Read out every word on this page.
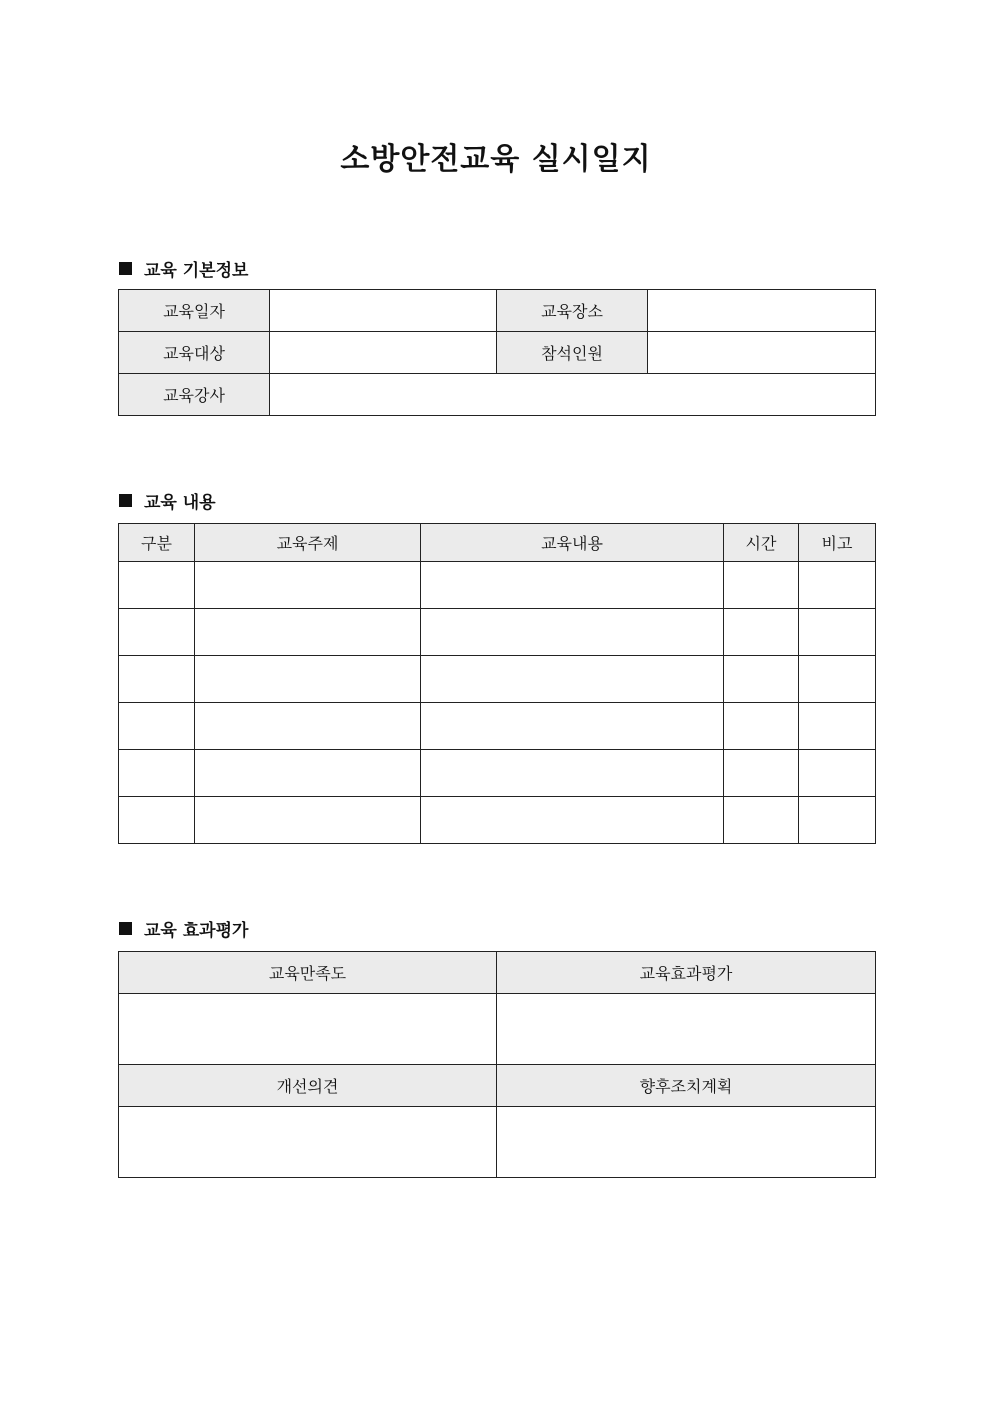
소방안전교육 실시일지
교육 기본정보
교육일자		교육장소	
교육대상		참석인원	
교육강사			
교육 내용
구분	교육주제	교육내용	시간	비고

교육 효과평가
교육만족도	교육효과평가

개선의견	향후조치계획
